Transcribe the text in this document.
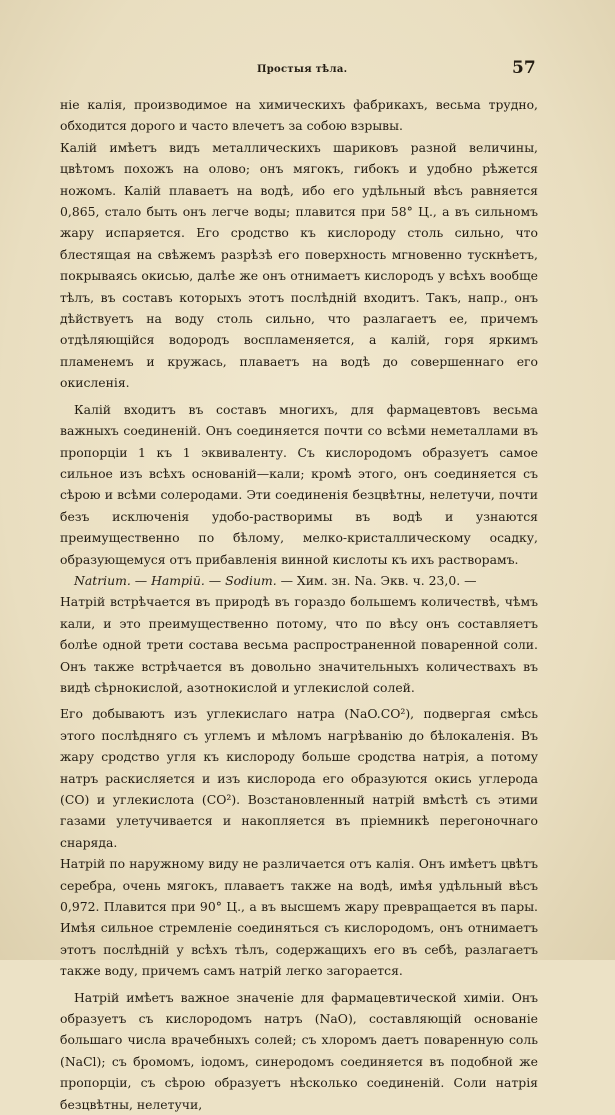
Простыя тѣла.	57

ніе калія, производимое на химическихъ фабрикахъ, весьма трудно, обходится дорого и часто влечетъ за собою взрывы.

Калій имѣетъ видъ металлическихъ шариковъ разной величины, цвѣтомъ похожъ на олово; онъ мягокъ, гибокъ и удобно рѣжется ножомъ. Калій плаваетъ на водѣ, ибо его удѣльный вѣсъ равняется 0,865, стало быть онъ легче воды; плавится при 58° Ц., а въ сильномъ жару испаряется. Его сродство къ кислороду столь сильно, что блестящая на свѣжемъ разрѣзѣ его поверхность мгновенно тускнѣетъ, покрываясь окисью, далѣе же онъ отнимаетъ кислородъ у всѣхъ вообще тѣлъ, въ составъ которыхъ этотъ послѣдній входитъ. Такъ, напр., онъ дѣйствуетъ на воду столь сильно, что разлагаетъ ее, причемъ отдѣляющійся водородъ воспламеняется, а калій, горя яркимъ пламенемъ и кружась, плаваетъ на водѣ до совершеннаго его окисленія.

Калій входитъ въ составъ многихъ, для фармацевтовъ весьма важныхъ соединеній. Онъ соединяется почти со всѣми неметаллами въ пропорціи 1 къ 1 эквиваленту. Съ кислородомъ образуетъ самое сильное изъ всѣхъ основаній—кали; кромѣ этого, онъ соединяется съ сѣрою и всѣми солеродами. Эти соединенія безцвѣтны, нелетучи, почти безъ исключенія удобо-растворимы въ водѣ и узнаются преимущественно по бѣлому, мелко-кристаллическому осадку, образующемуся отъ прибавленія винной кислоты къ ихъ растворамъ.

Natrium. — Натрій. — Sodium. — Хим. зн. Na. Экв. ч. 23,0. —

Натрій встрѣчается въ природѣ въ гораздо большемъ количествѣ, чѣмъ кали, и это преимущественно потому, что по вѣсу онъ составляетъ болѣе одной трети состава весьма распространенной поваренной соли. Онъ также встрѣчается въ довольно значительныхъ количествахъ въ видѣ сѣрнокислой, азотнокислой и углекислой солей.

Его добываютъ изъ углекислаго натра (NaO.CO²), подвергая смѣсь этого послѣдняго съ углемъ и мѣломъ нагрѣванію до бѣлокаленія. Въ жару сродство угля къ кислороду больше сродства натрія, а потому натръ раскисляется и изъ кислорода его образуются окись углерода (CO) и углекислота (CO²). Возстановленный натрій вмѣстѣ съ этими газами улетучивается и накопляется въ пріемникѣ перегоночнаго снаряда.

Натрій по наружному виду не различается отъ калія. Онъ имѣетъ цвѣтъ серебра, очень мягокъ, плаваетъ также на водѣ, имѣя удѣльный вѣсъ 0,972. Плавится при 90° Ц., а въ высшемъ жару превращается въ пары. Имѣя сильное стремленіе соединяться съ кислородомъ, онъ отнимаетъ этотъ послѣдній у всѣхъ тѣлъ, содержащихъ его въ себѣ, разлагаетъ также воду, причемъ самъ натрій легко загорается.

Натрій имѣетъ важное значеніе для фармацевтической химіи. Онъ образуетъ съ кислородомъ натръ (NaO), составляющій основаніе большаго числа врачебныхъ солей; съ хлоромъ даетъ поваренную соль (NaCl); съ бромомъ, іодомъ, синеродомъ соединяется въ подобной же пропорціи, съ сѣрою образуетъ нѣсколько соединеній. Соли натрія безцвѣтны, нелетучи,
